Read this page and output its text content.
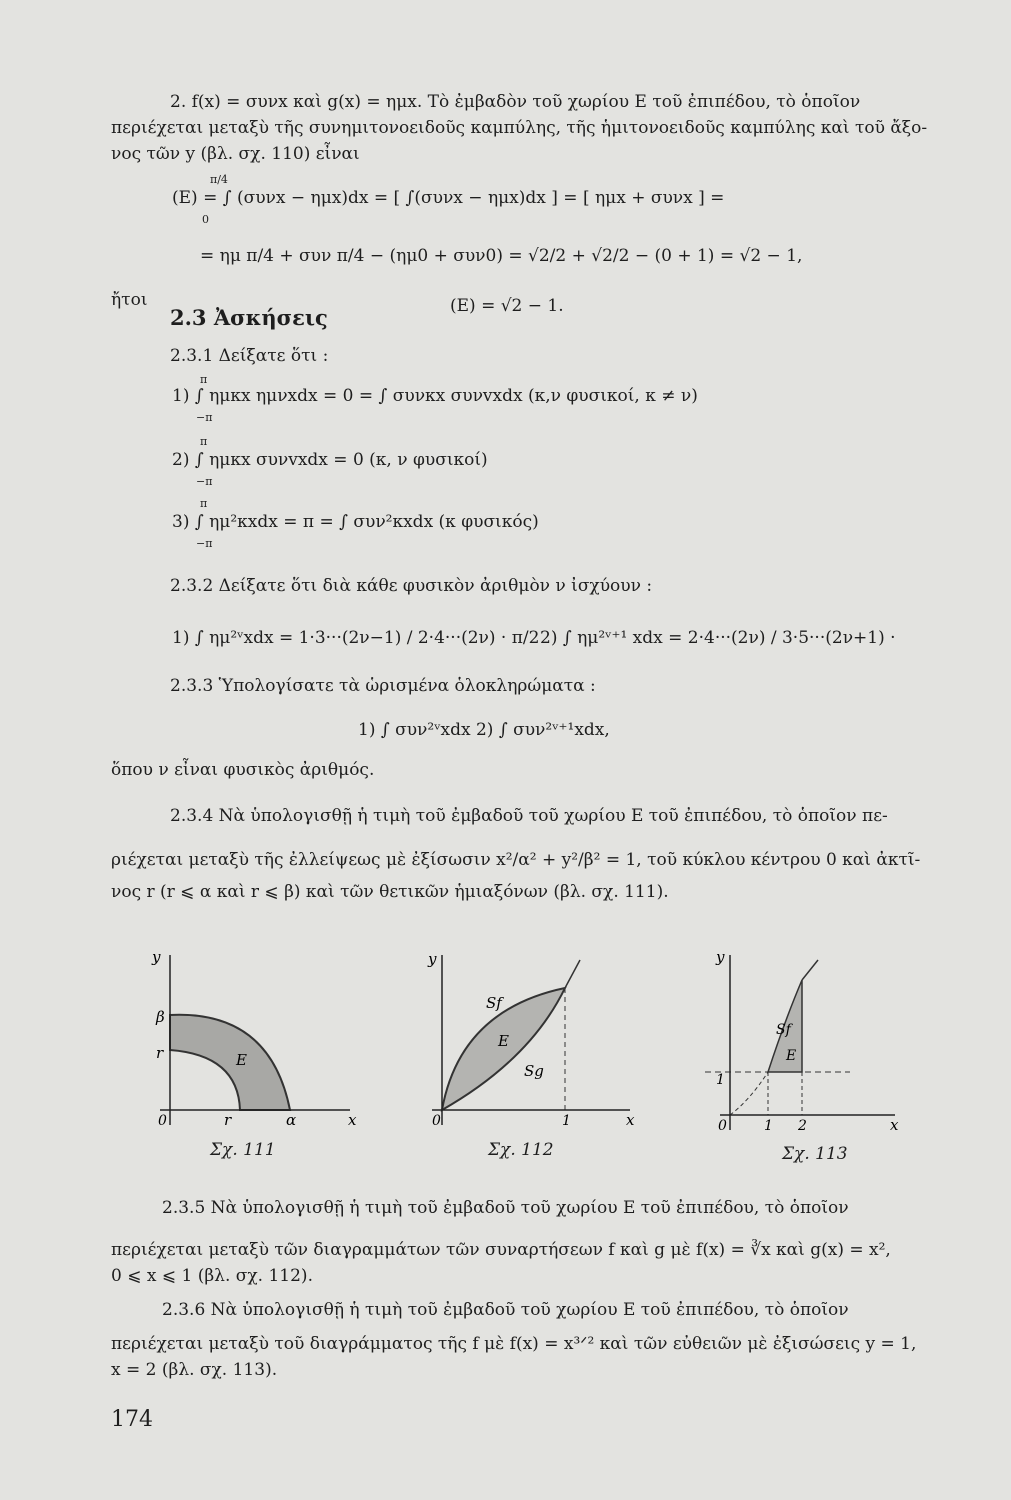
2. f(x) = συνx καὶ g(x) = ημx. Τὸ ἐμβαδὸν τοῦ χωρίου Ε τοῦ ἐπιπέδου, τὸ ὁποῖον
περιέχεται μεταξὺ τῆς συνημιτονοειδοῦς καμπύλης, τῆς ἡμιτονοειδοῦς καμπύλης καὶ τοῦ ἄξο-
νος τῶν y (βλ. σχ. 110) εἶναι
π/4
(E) = ∫ (συνx − ημx)dx = [ ∫(συνx − ημx)dx ] = [ ημx + συνx ] =
0
= ημ π/4 + συν π/4 − (ημ0 + συν0) = √2/2 + √2/2 − (0 + 1) = √2 − 1,
ἤτοι	(E) = √2 − 1.
2.3 Ἀσκήσεις
2.3.1 Δείξατε ὅτι :
π
1) ∫ ημκx ημνxdx = 0 = ∫ συνκx συνvxdx (κ,ν φυσικοί, κ ≠ ν)
−π
π
2) ∫ ημκx συνvxdx = 0 (κ, ν φυσικοί)
−π
π
3) ∫ ημ²κxdx = π = ∫ συν²κxdx (κ φυσικός)
−π
2.3.2 Δείξατε ὅτι διὰ κάθε φυσικὸν ἀριθμὸν ν ἰσχύουν :
1) ∫ ημ²ᵛxdx = 1·3···(2ν−1) / 2·4···(2ν) · π/2 2) ∫ ημ²ᵛ⁺¹ xdx = 2·4···(2ν) / 3·5···(2ν+1) ·
2.3.3 Ὑπολογίσατε τὰ ὡρισμένα ὁλοκληρώματα :
1) ∫ συν²ᵛxdx 2) ∫ συν²ᵛ⁺¹xdx,
ὅπου ν εἶναι φυσικὸς ἀριθμός.
2.3.4 Νὰ ὑπολογισθῇ ἡ τιμὴ τοῦ ἐμβαδοῦ τοῦ χωρίου Ε τοῦ ἐπιπέδου, τὸ ὁποῖον πε-
ριέχεται μεταξὺ τῆς ἐλλείψεως μὲ ἐξίσωσιν x²/α² + y²/β² = 1, τοῦ κύκλου κέντρου 0 καὶ ἀκτῖ-
νος r (r ⩽ α καὶ r ⩽ β) καὶ τῶν θετικῶν ἡμιαξόνων (βλ. σχ. 111).
y
x
0
β
r
r	α
E
Σχ. 111
y
x
0	1
Sf
Sg
E
Σχ. 112
y
x
0
1
1 2
Sf
E
Σχ. 113
2.3.5 Νὰ ὑπολογισθῇ ἡ τιμὴ τοῦ ἐμβαδοῦ τοῦ χωρίου Ε τοῦ ἐπιπέδου, τὸ ὁποῖον
περιέχεται μεταξὺ τῶν διαγραμμάτων τῶν συναρτήσεων f καὶ g μὲ f(x) = ∛x καὶ g(x) = x²,
0 ⩽ x ⩽ 1 (βλ. σχ. 112).
2.3.6 Νὰ ὑπολογισθῇ ἡ τιμὴ τοῦ ἐμβαδοῦ τοῦ χωρίου Ε τοῦ ἐπιπέδου, τὸ ὁποῖον
περιέχεται μεταξὺ τοῦ διαγράμματος τῆς f μὲ f(x) = x³ᐟ² καὶ τῶν εὐθειῶν μὲ ἐξισώσεις y = 1,
x = 2 (βλ. σχ. 113).
174
